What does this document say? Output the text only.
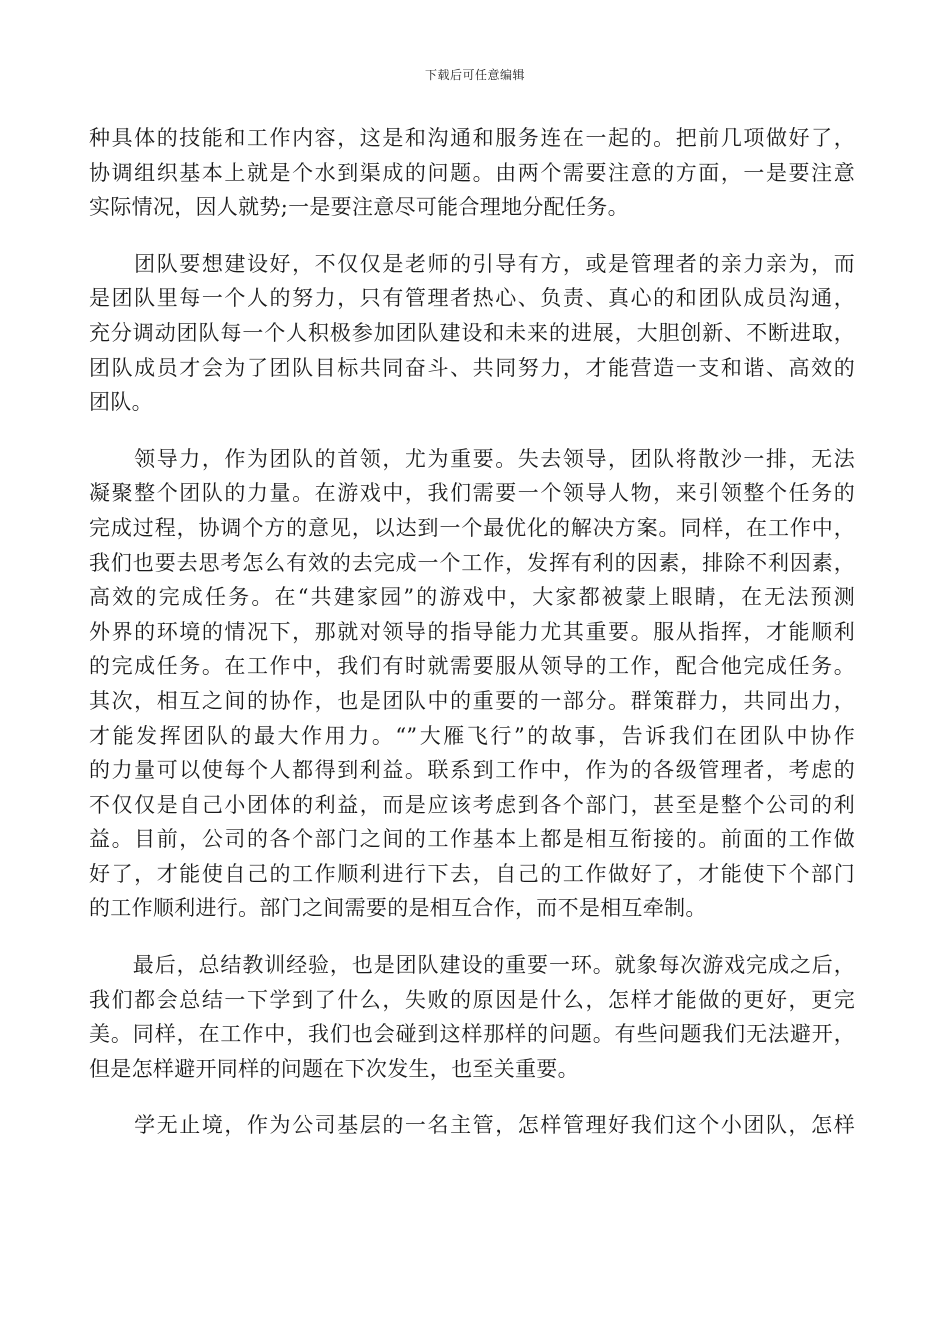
下载后可任意编辑
种具体的技能和工作内容，这是和沟通和服务连在一起的。把前几项做好了，
协调组织基本上就是个水到渠成的问题。由两个需要注意的方面，一是要注意
实际情况，因人就势;一是要注意尽可能合理地分配任务。
　　团队要想建设好，不仅仅是老师的引导有方，或是管理者的亲力亲为，而
是团队里每一个人的努力，只有管理者热心、负责、真心的和团队成员沟通，
充分调动团队每一个人积极参加团队建设和未来的进展，大胆创新、不断进取，
团队成员才会为了团队目标共同奋斗、共同努力，才能营造一支和谐、高效的
团队。
　　领导力，作为团队的首领，尤为重要。失去领导，团队将散沙一排，无法
凝聚整个团队的力量。在游戏中，我们需要一个领导人物，来引领整个任务的
完成过程，协调个方的意见，以达到一个最优化的解决方案。同样，在工作中，
我们也要去思考怎么有效的去完成一个工作，发挥有利的因素，排除不利因素，
高效的完成任务。在“共建家园”的游戏中，大家都被蒙上眼睛，在无法预测
外界的环境的情况下，那就对领导的指导能力尤其重要。服从指挥，才能顺利
的完成任务。在工作中，我们有时就需要服从领导的工作，配合他完成任务。
其次，相互之间的协作，也是团队中的重要的一部分。群策群力，共同出力，
才能发挥团队的最大作用力。“”大雁飞行”的故事，告诉我们在团队中协作
的力量可以使每个人都得到利益。联系到工作中，作为的各级管理者，考虑的
不仅仅是自己小团体的利益，而是应该考虑到各个部门，甚至是整个公司的利
益。目前，公司的各个部门之间的工作基本上都是相互衔接的。前面的工作做
好了，才能使自己的工作顺利进行下去，自己的工作做好了，才能使下个部门
的工作顺利进行。部门之间需要的是相互合作，而不是相互牵制。
　　最后，总结教训经验，也是团队建设的重要一环。就象每次游戏完成之后，
我们都会总结一下学到了什么，失败的原因是什么，怎样才能做的更好，更完
美。同样，在工作中，我们也会碰到这样那样的问题。有些问题我们无法避开，
但是怎样避开同样的问题在下次发生，也至关重要。
　　学无止境，作为公司基层的一名主管，怎样管理好我们这个小团队，怎样
